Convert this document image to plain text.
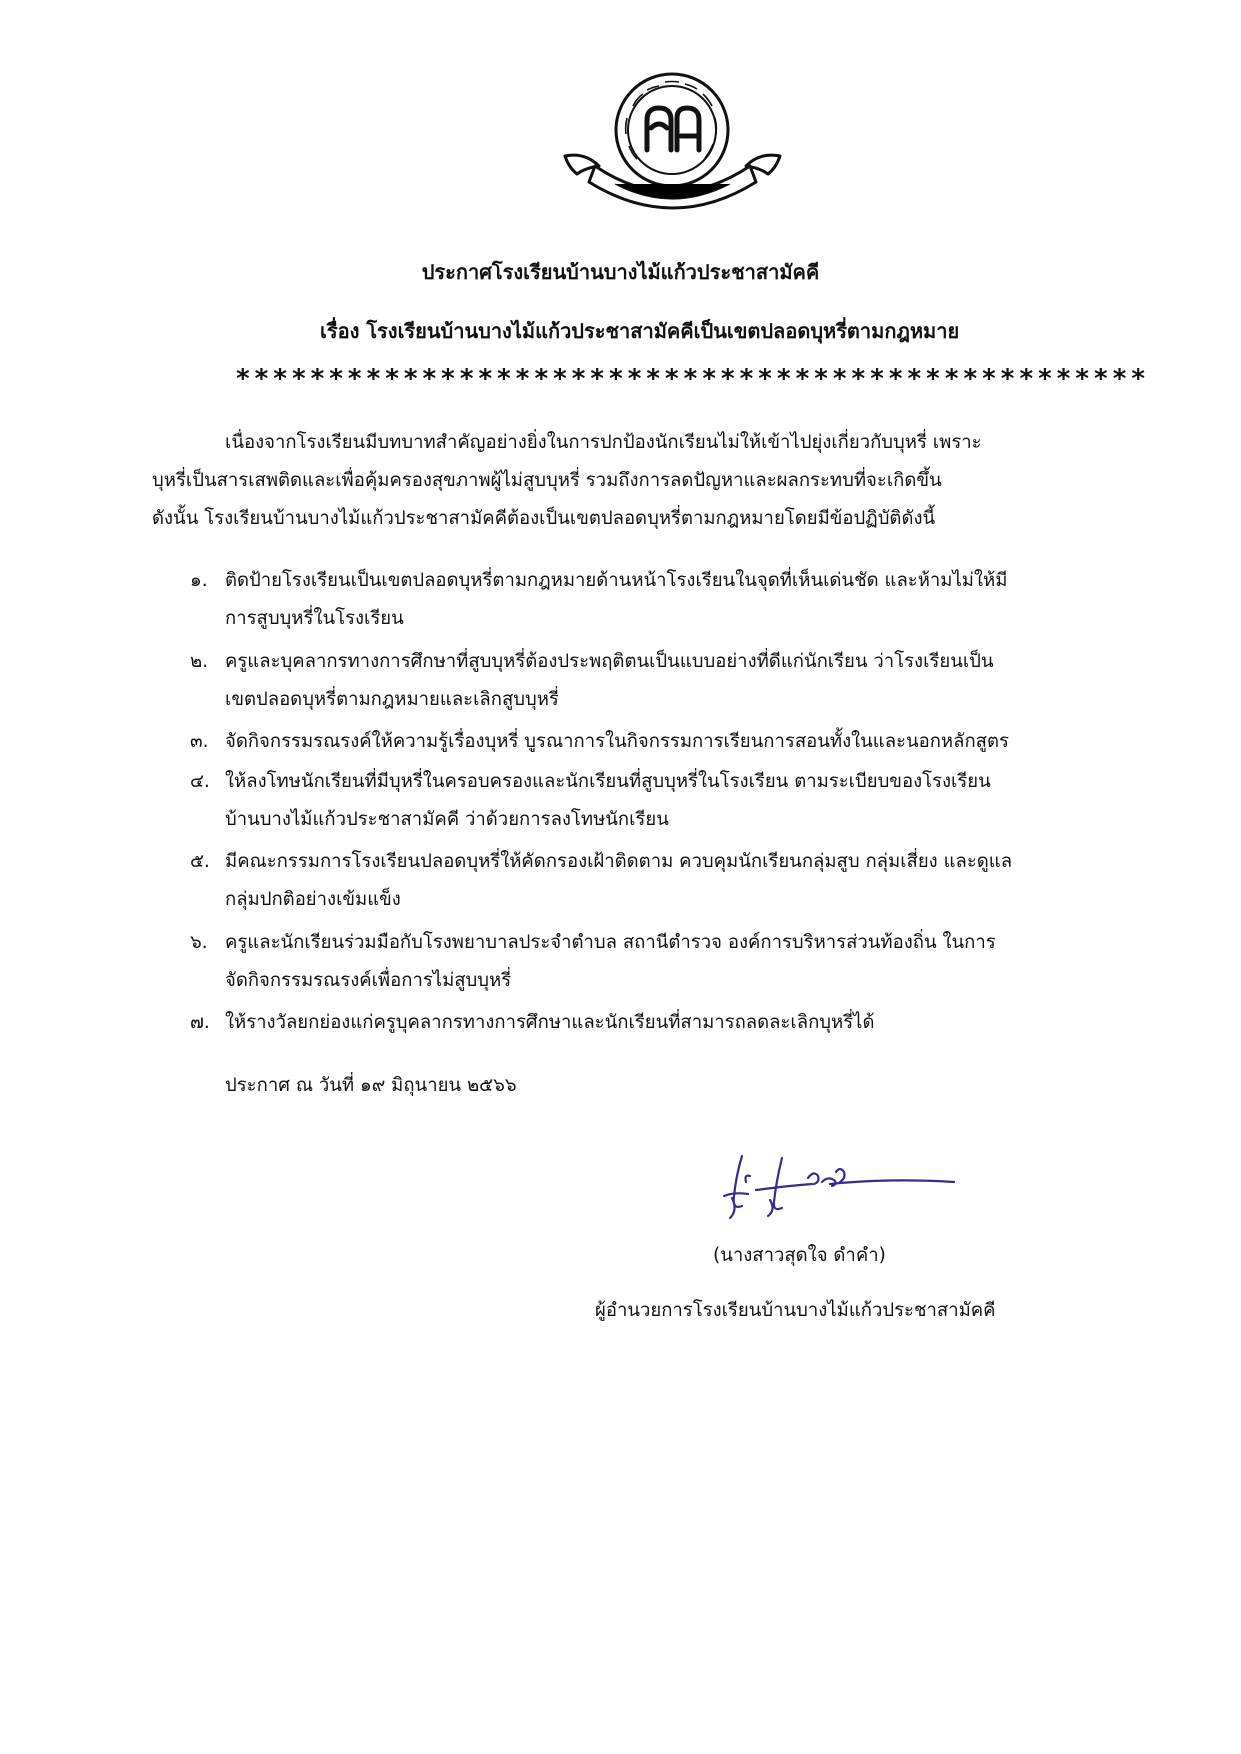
ประกาศโรงเรียนบ้านบางไม้แก้วประชาสามัคคี
เรื่อง โรงเรียนบ้านบางไม้แก้วประชาสามัคคีเป็นเขตปลอดบุหรี่ตามกฎหมาย
*************************************************
เนื่องจากโรงเรียนมีบทบาทสำคัญอย่างยิ่งในการปกป้องนักเรียนไม่ให้เข้าไปยุ่งเกี่ยวกับบุหรี่ เพราะ
บุหรี่เป็นสารเสพติดและเพื่อคุ้มครองสุขภาพผู้ไม่สูบบุหรี่ รวมถึงการลดปัญหาและผลกระทบที่จะเกิดขึ้น
ดังนั้น โรงเรียนบ้านบางไม้แก้วประชาสามัคคีต้องเป็นเขตปลอดบุหรี่ตามกฎหมายโดยมีข้อปฏิบัติดังนี้
๑. ติดป้ายโรงเรียนเป็นเขตปลอดบุหรี่ตามกฎหมายด้านหน้าโรงเรียนในจุดที่เห็นเด่นชัด และห้ามไม่ให้มี
การสูบบุหรี่ในโรงเรียน
๒. ครูและบุคลากรทางการศึกษาที่สูบบุหรี่ต้องประพฤติตนเป็นแบบอย่างที่ดีแก่นักเรียน ว่าโรงเรียนเป็น
เขตปลอดบุหรี่ตามกฎหมายและเลิกสูบบุหรี่
๓. จัดกิจกรรมรณรงค์ให้ความรู้เรื่องบุหรี่ บูรณาการในกิจกรรมการเรียนการสอนทั้งในและนอกหลักสูตร
๔. ให้ลงโทษนักเรียนที่มีบุหรี่ในครอบครองและนักเรียนที่สูบบุหรี่ในโรงเรียน ตามระเบียบของโรงเรียน
บ้านบางไม้แก้วประชาสามัคคี ว่าด้วยการลงโทษนักเรียน
๕. มีคณะกรรมการโรงเรียนปลอดบุหรี่ให้คัดกรองเฝ้าติดตาม ควบคุมนักเรียนกลุ่มสูบ กลุ่มเสี่ยง และดูแล
กลุ่มปกติอย่างเข้มแข็ง
๖. ครูและนักเรียนร่วมมือกับโรงพยาบาลประจำตำบล สถานีตำรวจ องค์การบริหารส่วนท้องถิ่น ในการ
จัดกิจกรรมรณรงค์เพื่อการไม่สูบบุหรี่
๗. ให้รางวัลยกย่องแก่ครูบุคลากรทางการศึกษาและนักเรียนที่สามารถลดละเลิกบุหรี่ได้
ประกาศ ณ วันที่ ๑๙ มิถุนายน ๒๕๖๖
(นางสาวสุดใจ ดำคำ)
ผู้อำนวยการโรงเรียนบ้านบางไม้แก้วประชาสามัคคี
